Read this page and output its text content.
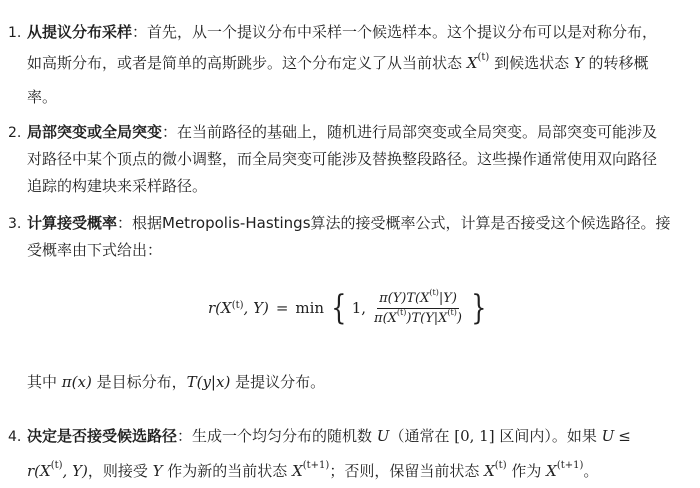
1. 从提议分布采样：首先，从一个提议分布中采样一个候选样本。这个提议分布可以是对称分布，
如高斯分布，或者是简单的高斯跳步。这个分布定义了从当前状态 $X^{(t)}$ 到候选状态 Y 的转移概
率。
2. 局部突变或全局突变：在当前路径的基础上，随机进行局部突变或全局突变。局部突变可能涉及
对路径中某个顶点的微小调整，而全局突变可能涉及替换整段路径。这些操作通常使用双向路径
追踪的构建块来采样路径。
3. 计算接受概率：根据Metropolis-Hastings算法的接受概率公式，计算是否接受这个候选路径。接
受概率由下式给出：
$r(X^{(t)}$ , Y) = min { 1, $\frac{\pi(Y)T(X^{(t)}|Y)}{\pi(X^{(t)})T(Y|X^{(t)})}$ }
其中 π(x) 是目标分布，T(y|x) 是提议分布。
4. 决定是否接受候选路径：生成一个均匀分布的随机数 U（通常在 [0, 1] 区间内）。如果 U ≤
$r(X^{(t)}$, Y)，则接受 Y 作为新的当前状态 $X^{(t+1)}$；否则，保留当前状态 $X^{(t)}$ 作为 $X^{(t+1)}$。
